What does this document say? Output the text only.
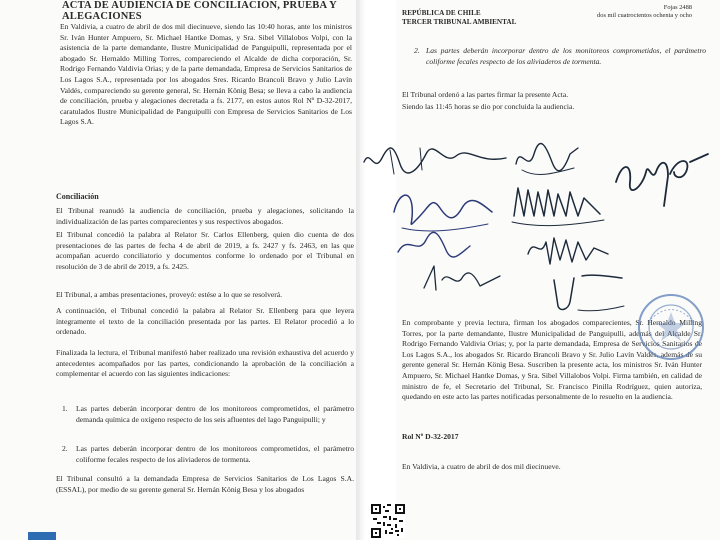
ACTA DE AUDIENCIA DE CONCILIACIÓN, PRUEBA Y ALEGACIONES
En Valdivia, a cuatro de abril de dos mil diecinueve, siendo las 10:40 horas, ante los ministros Sr. Iván Hunter Ampuero, Sr. Michael Hantke Domas, y Sra. Sibel Villalobos Volpi, con la asistencia de la parte demandante, Ilustre Municipalidad de Panguipulli, representada por el abogado Sr. Hernaldo Milling Torres, compareciendo el Alcalde de dicha corporación, Sr. Rodrigo Fernando Valdivia Orias; y de la parte demandada, Empresa de Servicios Sanitarios de Los Lagos S.A., representada por los abogados Sres. Ricardo Brancoli Bravo y Julio Lavín Valdés, compareciendo su gerente general, Sr. Hernán König Besa; se lleva a cabo la audiencia de conciliación, prueba y alegaciones decretada a fs. 2177, en estos autos Rol Nº D-32-2017, caratulados Ilustre Municipalidad de Panguipulli con Empresa de Servicios Sanitarios de Los Lagos S.A.
Conciliación
El Tribunal reanudó la audiencia de conciliación, prueba y alegaciones, solicitando la individualización de las partes comparecientes y sus respectivos abogados.
El Tribunal concedió la palabra al Relator Sr. Carlos Ellenberg, quien dio cuenta de dos presentaciones de las partes de fecha 4 de abril de 2019, a fs. 2427 y fs. 2463, en las que acompañan acuerdo conciliatorio y documentos conforme lo ordenado por el Tribunal en resolución de 3 de abril de 2019, a fs. 2425.
El Tribunal, a ambas presentaciones, proveyó: estése a lo que se resolverá.
A continuación, el Tribunal concedió la palabra al Relator Sr. Ellenberg para que leyera íntegramente el texto de la conciliación presentada por las partes. El Relator procedió a lo ordenado.
Finalizada la lectura, el Tribunal manifestó haber realizado una revisión exhaustiva del acuerdo y antecedentes acompañados por las partes, condicionando la aprobación de la conciliación a complementar el acuerdo con las siguientes indicaciones:
1.	Las partes deberán incorporar dentro de los monitoreos comprometidos, el parámetro demanda química de oxígeno respecto de los seis afluentes del lago Panguipulli; y
2.	Las partes deberán incorporar dentro de los monitoreos comprometidos, el parámetro coliforme fecales respecto de los aliviaderos de tormenta.
El Tribunal consultó a la demandada Empresa de Servicios Sanitarios de Los Lagos S.A. (ESSAL), por medio de su gerente general Sr. Hernán König Besa y los abogados
REPÚBLICA DE CHILE
TERCER TRIBUNAL AMBIENTAL
Fojas 2488
dos mil cuatrocientos ochenta y ocho
2. Las partes deberán incorporar dentro de los monitoreos comprometidos, el parámetro coliforme fecales respecto de los aliviaderos de tormenta.
El Tribunal ordenó a las partes firmar la presente Acta.
Siendo las 11:45 horas se dio por concluida la audiencia.
En comprobante y previa lectura, firman los abogados comparecientes, Sr. Hernaldo Milling Torres, por la parte demandante, Ilustre Municipalidad de Panguipulli, además del Alcalde Sr. Rodrigo Fernando Valdivia Orias; y, por la parte demandada, Empresa de Servicios Sanitarios de Los Lagos S.A., los abogados Sr. Ricardo Brancoli Bravo y Sr. Julio Lavín Valdés, además de su gerente general Sr. Hernán König Besa. Suscriben la presente acta, los ministros Sr. Iván Hunter Ampuero, Sr. Michael Hantke Domas, y Sra. Sibel Villalobos Volpi. Firma también, en calidad de ministro de fe, el Secretario del Tribunal, Sr. Francisco Pinilla Rodríguez, quien autoriza, quedando en este acto las partes notificadas personalmente de lo resuelto en la audiencia.
Rol Nº D-32-2017
En Valdivia, a cuatro de abril de dos mil diecinueve.
